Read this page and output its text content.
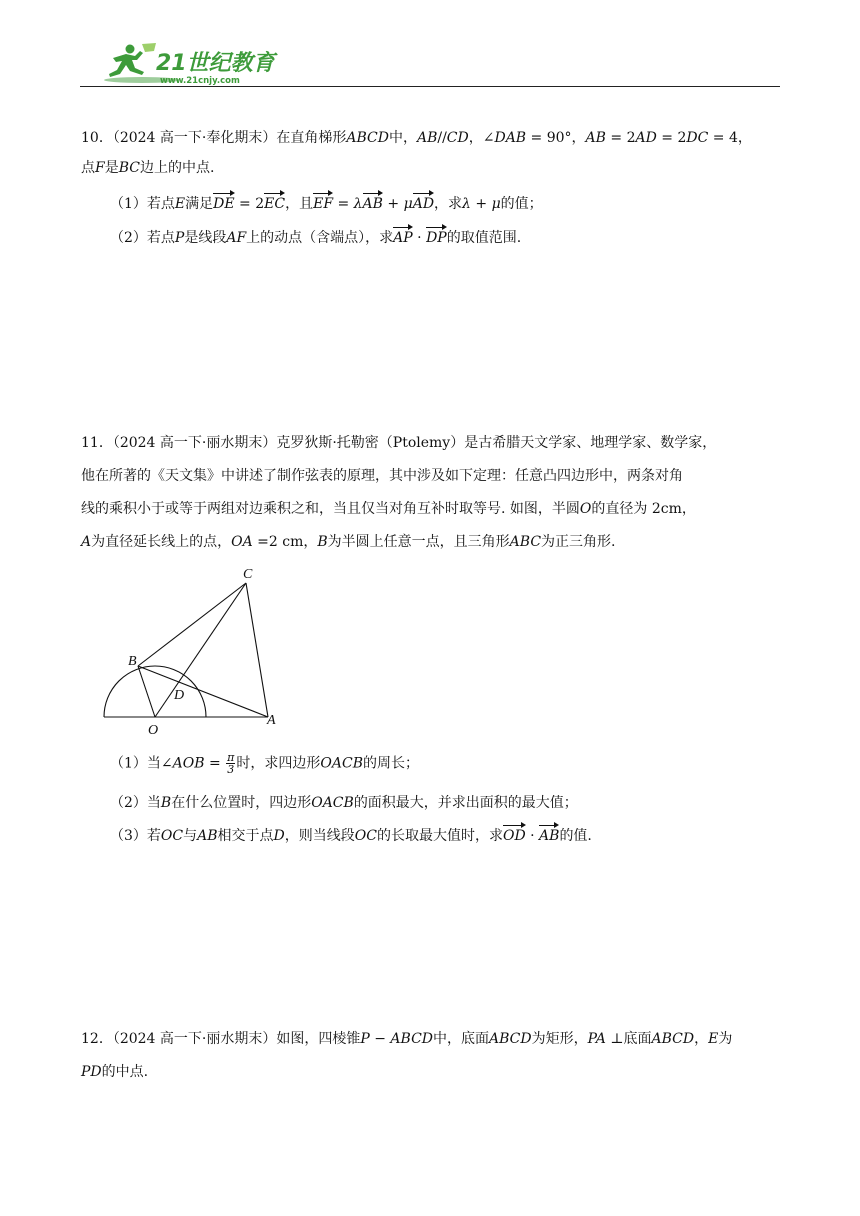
21世纪教育
www.21cnjy.com
10．（2024 高一下·奉化期末）在直角梯形ABCD中，AB//CD，∠DAB = 90°，AB = 2AD = 2DC = 4，
点F是BC边上的中点.
（1）若点E满足DE = 2EC，且EF = λAB + μAD，求λ + μ的值；
（2）若点P是线段AF上的动点（含端点），求AP · DP的取值范围.
11．（2024 高一下·丽水期末）克罗狄斯·托勒密（Ptolemy）是古希腊天文学家、地理学家、数学家，
他在所著的《天文集》中讲述了制作弦表的原理，其中涉及如下定理：任意凸四边形中，两条对角
线的乘积小于或等于两组对边乘积之和，当且仅当对角互补时取等号. 如图，半圆O的直径为 2cm，
A为直径延长线上的点，OA =2 cm，B为半圆上任意一点，且三角形ABC为正三角形.
C
B
D
O
A
（1）当∠AOB = $\frac{\pi}{3}$ 时，求四边形OACB的周长；
（2）当B在什么位置时，四边形OACB的面积最大，并求出面积的最大值；
（3）若OC与AB相交于点D，则当线段OC的长取最大值时，求OD · AB的值.
12．（2024 高一下·丽水期末）如图，四棱锥P − ABCD中，底面ABCD为矩形，PA ⊥底面ABCD，E为
PD的中点.
